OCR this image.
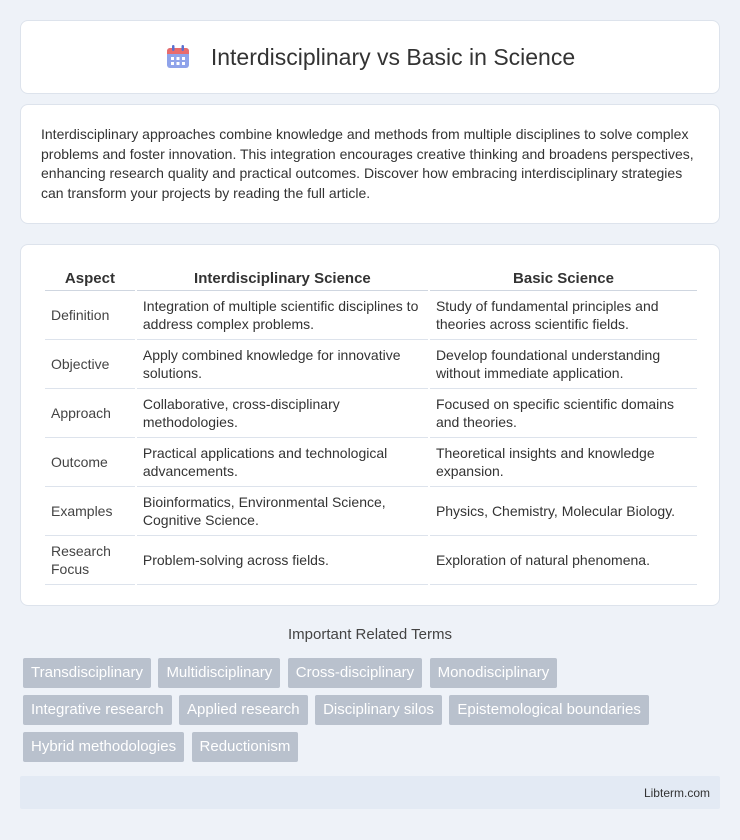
Interdisciplinary vs Basic in Science

Interdisciplinary approaches combine knowledge and methods from multiple disciplines to solve complex problems and foster innovation. This integration encourages creative thinking and broadens perspectives, enhancing research quality and practical outcomes. Discover how embracing interdisciplinary strategies can transform your projects by reading the full article.

Aspect	Interdisciplinary Science	Basic Science
Definition	Integration of multiple scientific disciplines to address complex problems.	Study of fundamental principles and theories across scientific fields.
Objective	Apply combined knowledge for innovative solutions.	Develop foundational understanding without immediate application.
Approach	Collaborative, cross-disciplinary methodologies.	Focused on specific scientific domains and theories.
Outcome	Practical applications and technological advancements.	Theoretical insights and knowledge expansion.
Examples	Bioinformatics, Environmental Science, Cognitive Science.	Physics, Chemistry, Molecular Biology.
Research Focus	Problem-solving across fields.	Exploration of natural phenomena.
Important Related Terms
Transdisciplinary Multidisciplinary Cross-disciplinary Monodisciplinary
Integrative research Applied research Disciplinary silos Epistemological boundaries
Hybrid methodologies Reductionism
Libterm.com
